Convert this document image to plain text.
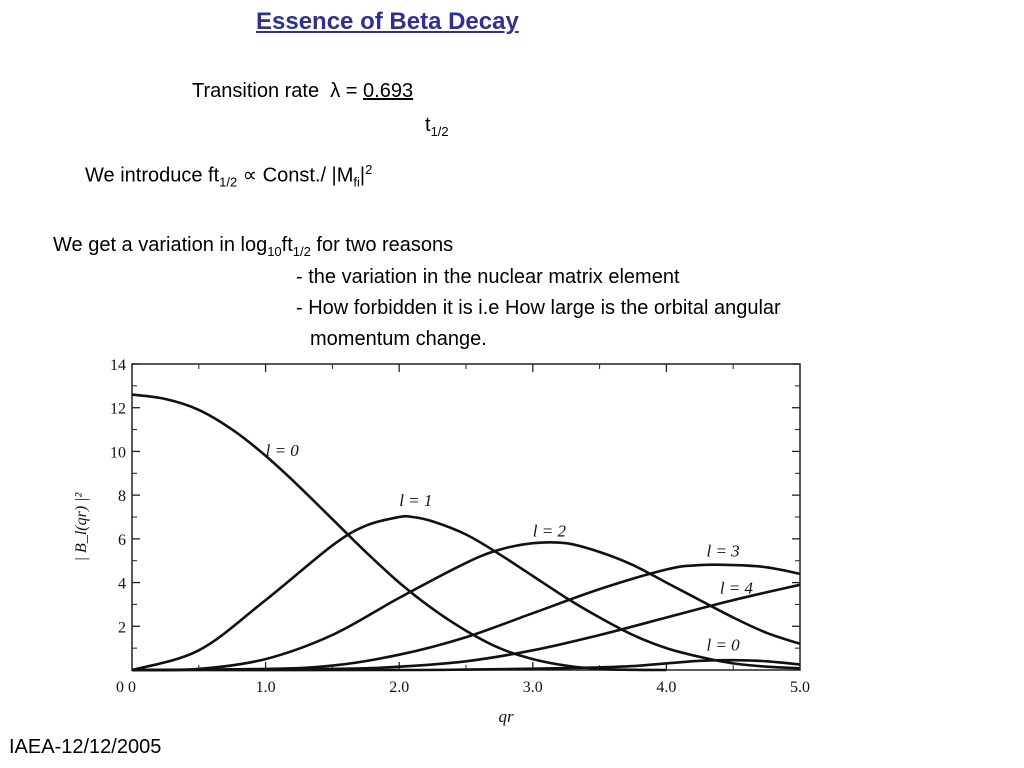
Essence of Beta Decay
Transition rate λ = 0.693
$t_{1/2}$
We introduce $ft_{1/2}$ ∝ Const./ $|M_{fi}|^2$
We get a variation in $\log_{10}ft_{1/2}$ for two reasons
- the variation in the nuclear matrix element
- How forbidden it is i.e How large is the orbital angular
momentum change.
0	1.0	2.0	3.0	4.0	5.0
2
4
6
8
10
12
14
0
qr
| B_l(qr) |²
l = 0
l = 1
l = 2
l = 3
l = 4
l = 0
IAEA-12/12/2005
